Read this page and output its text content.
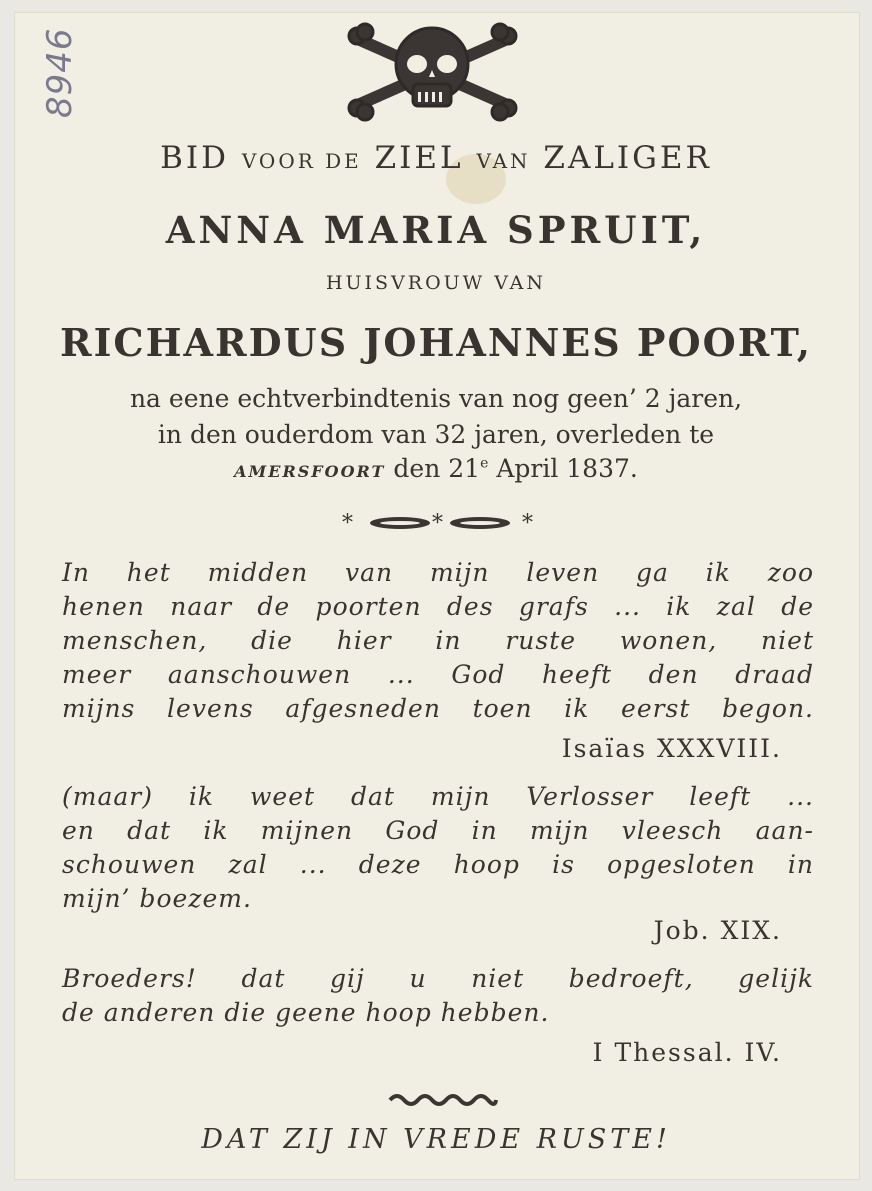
8946
BID VOOR DE ZIEL VAN ZALIGER
ANNA MARIA SPRUIT,
HUISVROUW VAN
RICHARDUS JOHANNES POORT,
na eene echtverbindtenis van nog geen’ 2 jaren,
in den ouderdom van 32 jaren, overleden te
AMERSFOORT den 21e April 1837.
*	*	*
In het midden van mijn leven ga ik zoo
henen naar de poorten des grafs ... ik zal de
menschen, die hier in ruste wonen, niet
meer aanschouwen ... God heeft den draad
mijns levens afgesneden toen ik eerst begon.
Isaïas XXXVIII.
(maar) ik weet dat mijn Verlosser leeft ...
en dat ik mijnen God in mijn vleesch aan-
schouwen zal ... deze hoop is opgesloten in
mijn’ boezem.
Job. XIX.
Broeders! dat gij u niet bedroeft, gelijk
de anderen die geene hoop hebben.
I Thessal. IV.
DAT ZIJ IN VREDE RUSTE!
